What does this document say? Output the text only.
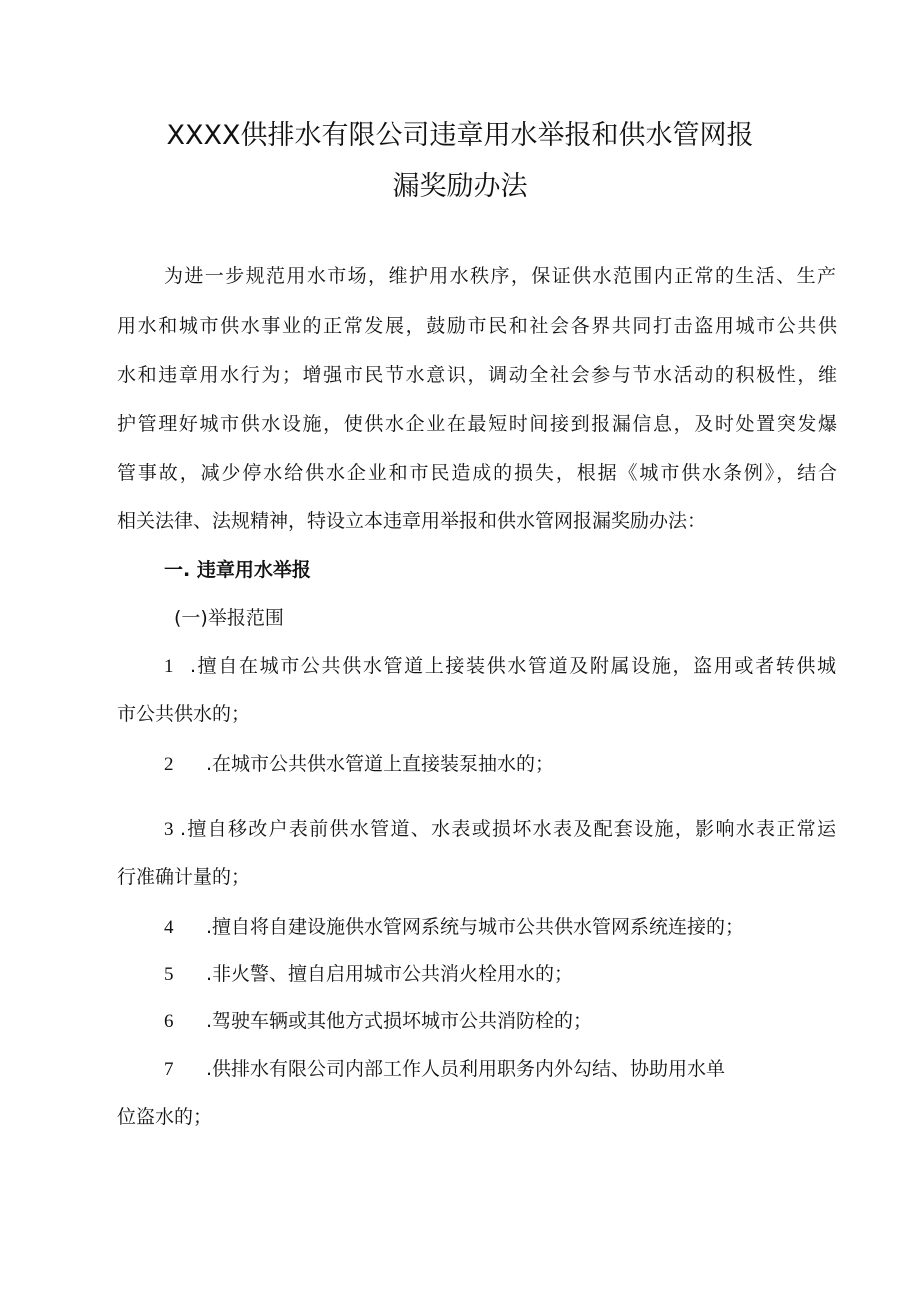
XXXX供排水有限公司违章用水举报和供水管网报
漏奖励办法
为进一步规范用水市场，维护用水秩序，保证供水范围内正常的生活、生产
用水和城市供水事业的正常发展，鼓励市民和社会各界共同打击盗用城市公共供
水和违章用水行为；增强市民节水意识，调动全社会参与节水活动的积极性，维
护管理好城市供水设施，使供水企业在最短时间接到报漏信息，及时处置突发爆
管事故，减少停水给供水企业和市民造成的损失，根据《城市供水条例》，结合
相关法律、法规精神，特设立本违章用举报和供水管网报漏奖励办法：
一. 违章用水举报
(一)举报范围
1 .擅自在城市公共供水管道上接装供水管道及附属设施，盗用或者转供城
市公共供水的；
2 .在城市公共供水管道上直接装泵抽水的；
3 .擅自移改户表前供水管道、水表或损坏水表及配套设施，影响水表正常运
行准确计量的；
4 .擅自将自建设施供水管网系统与城市公共供水管网系统连接的；
5 .非火警、擅自启用城市公共消火栓用水的；
6 .驾驶车辆或其他方式损坏城市公共消防栓的；
7 .供排水有限公司内部工作人员利用职务内外勾结、协助用水单
位盗水的；
